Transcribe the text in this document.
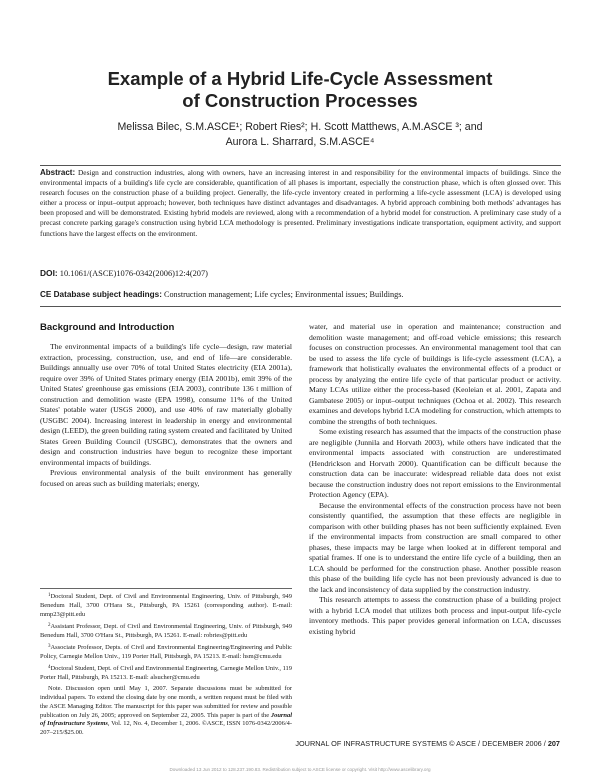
Example of a Hybrid Life-Cycle Assessment
of Construction Processes
Melissa Bilec, S.M.ASCE¹; Robert Ries²; H. Scott Matthews, A.M.ASCE ³; and
Aurora L. Sharrard, S.M.ASCE⁴
Abstract: Design and construction industries, along with owners, have an increasing interest in and responsibility for the environmental impacts of buildings. Since the environmental impacts of a building's life cycle are considerable, quantification of all phases is important, especially the construction phase, which is often glossed over. This research focuses on the construction phase of a building project. Generally, the life-cycle inventory created in performing a life-cycle assessment (LCA) is developed using either a process or input–output approach; however, both techniques have distinct advantages and disadvantages. A hybrid approach combining both methods' advantages has been proposed and will be demonstrated. Existing hybrid models are reviewed, along with a recommendation of a hybrid model for construction. A preliminary case study of a precast concrete parking garage's construction using hybrid LCA methodology is presented. Preliminary investigations indicate transportation, equipment activity, and support functions have the largest effects on the environment.
DOI: 10.1061/(ASCE)1076-0342(2006)12:4(207)
CE Database subject headings: Construction management; Life cycles; Environmental issues; Buildings.
Background and Introduction

The environmental impacts of a building's life cycle—design, raw material extraction, processing, construction, use, and end of life—are considerable. Buildings annually use over 70% of total United States electricity (EIA 2001a), require over 39% of United States primary energy (EIA 2001b), emit 39% of the United States' greenhouse gas emissions (EIA 2003), contribute 136 t million of construction and demolition waste (EPA 1998), consume 11% of the United States' potable water (USGS 2000), and use 40% of raw materially globally (USGBC 2004). Increasing interest in leadership in energy and environmental design (LEED), the green building rating system created and facilitated by United States Green Building Council (USGBC), demonstrates that the owners and design and construction industries have begun to recognize these important environmental impacts of buildings.

Previous environmental analysis of the built environment has generally focused on areas such as building materials; energy,

$^1$Doctoral Student, Dept. of Civil and Environmental Engineering, Univ. of Pittsburgh, 949 Benedum Hall, 3700 O'Hara St., Pittsburgh, PA 15261 (corresponding author). E-mail: mmp23@pitt.edu

$^2$Assistant Professor, Dept. of Civil and Environmental Engineering, Univ. of Pittsburgh, 949 Benedum Hall, 3700 O'Hara St., Pittsburgh, PA 15261. E-mail: robries@pitt.edu

$^3$Associate Professor, Depts. of Civil and Environmental Engineering/Engineering and Public Policy, Carnegie Mellon Univ., 119 Porter Hall, Pittsburgh, PA 15213. E-mail: hsm@cmu.edu

$^4$Doctoral Student, Dept. of Civil and Environmental Engineering, Carnegie Mellon Univ., 119 Porter Hall, Pittsburgh, PA 15213. E-mail: alsucher@cmu.edu

Note. Discussion open until May 1, 2007. Separate discussions must be submitted for individual papers. To extend the closing date by one month, a written request must be filed with the ASCE Managing Editor. The manuscript for this paper was submitted for review and possible publication on July 26, 2005; approved on September 22, 2005. This paper is part of the Journal of Infrastructure Systems, Vol. 12, No. 4, December 1, 2006. ©ASCE, ISSN 1076-0342/2006/4-207–215/$25.00.

water, and material use in operation and maintenance; construction and demolition waste management; and off-road vehicle emissions; this research focuses on construction processes. An environmental management tool that can be used to assess the life cycle of buildings is life-cycle assessment (LCA), a framework that holistically evaluates the environmental effects of a product or process by analyzing the entire life cycle of that particular product or activity. Many LCAs utilize either the process-based (Keoleian et al. 2001, Zapata and Gambatese 2005) or input–output techniques (Ochoa et al. 2002). This research examines and develops hybrid LCA modeling for construction, which attempts to combine the strengths of both techniques.

Some existing research has assumed that the impacts of the construction phase are negligible (Junnila and Horvath 2003), while others have indicated that the environmental impacts associated with construction are underestimated (Hendrickson and Horvath 2000). Quantification can be difficult because the construction data can be inaccurate: widespread reliable data does not exist because the construction industry does not report emissions to the Environmental Protection Agency (EPA).

Because the environmental effects of the construction process have not been consistently quantified, the assumption that these effects are negligible in comparison with other building phases has not been sufficiently explained. Even if the environmental impacts from construction are small compared to other phases, these impacts may be large when looked at in different temporal and spatial frames. If one is to understand the entire life cycle of a building, then an LCA should be performed for the construction phase. Another possible reason this phase of the building life cycle has not been previously advanced is due to the lack and inconsistency of data supplied by the construction industry.

This research attempts to assess the construction phase of a building project with a hybrid LCA model that utilizes both process and input-output life-cycle inventory methods. This paper provides general information on LCA, discusses existing hybrid

JOURNAL OF INFRASTRUCTURE SYSTEMS © ASCE / DECEMBER 2006 / 207
Downloaded 13 Jun 2012 to 128.237.190.83. Redistribution subject to ASCE license or copyright. Visit http://www.ascelibrary.org
